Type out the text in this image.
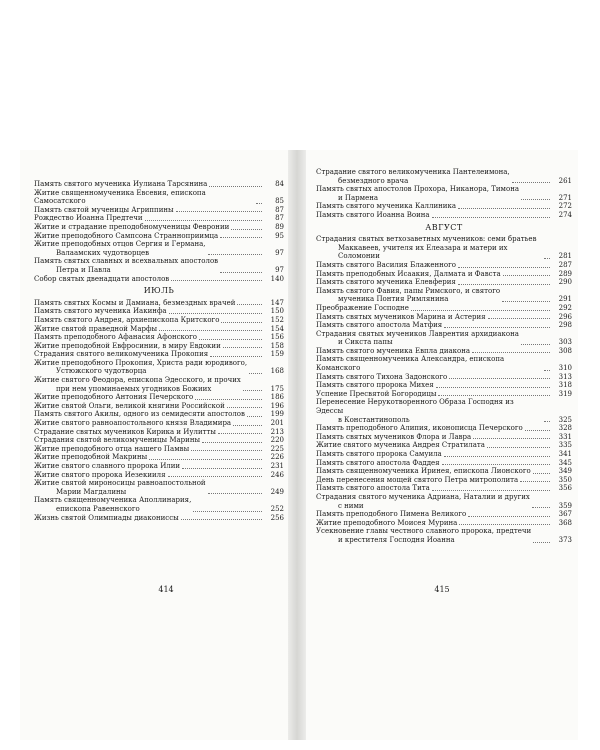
Память святого мученика Иулиана Тарсянина	84
Житие священномученика Евсевия, епископа Самосатского	85
Память святой мученицы Агриппины	87
Рождество Иоанна Предтечи	87
Житие и страдание преподобномученицы Февронии	89
Житие преподобного Сампсона Странноприимца	95
Житие преподобных отцов Сергия и Германа,
Валаамских чудотворцев	97
Память святых славных и всехвальных апостолов
Петра и Павла	97
Собор святых двенадцати апостолов	140
ИЮЛЬ
Память святых Космы и Дамиана, безмездных врачей	147
Память святого мученика Иакинфа	150
Память святого Андрея, архиепископа Критского	152
Житие святой праведной Марфы	154
Память преподобного Афанасия Афонского	156
Житие преподобной Евфросинии, в миру Евдокии	158
Страдания святого великомученика Прокопия	159
Житие преподобного Прокопия, Христа ради юродивого,
Устюжского чудотворца	168
Житие святого Феодора, епископа Эдесского, и прочих
при нем упоминаемых угодников Божиих	175
Житие преподобного Антония Печерского	186
Житие святой Ольги, великой княгини Российской	196
Память святого Акилы, одного из семидесяти апостолов	199
Житие святого равноапостольного князя Владимира	201
Страдание святых мучеников Кирика и Иулитты	213
Страдания святой великомученицы Марины	220
Житие преподобного отца нашего Памвы	225
Житие преподобной Макрины	226
Житие святого славного пророка Илии	231
Житие святого пророка Иезекииля	246
Житие святой мироносицы равноапостольной
Марии Магдалины	249
Память священномученика Аполлинария,
епископа Равеннского	252
Жизнь святой Олимпиады диакониссы	256
414
Страдание святого великомученика Пантелеимона,
безмездного врача	261
Память святых апостолов Прохора, Никанора, Тимона
и Пармена	271
Память святого мученика Каллиника	272
Память святого Иоанна Воина	274
АВГУСТ
Страдания святых ветхозаветных мучеников: семи братьев
Маккавеев, учителя их Елеазара и матери их Соломонии	281
Память святого Василия Блаженного	287
Память преподобных Исаакия, Далмата и Фавста	289
Память святого мученика Елевферия	290
Память святого Фавия, папы Римского, и святого
мученика Понтия Римлянина	291
Преображение Господне	292
Память святых мучеников Марина и Астерия	296
Память святого апостола Матфия	298
Страдания святых мучеников Лаврентия архидиакона
и Сикста папы	303
Память святого мученика Евпла диакона	308
Память священномученика Александра, епископа Команского	310
Память святого Тихона Задонского	313
Память святого пророка Михея	318
Успение Пресвятой Богородицы	319
Перенесение Нерукотворенного Образа Господня из Эдессы
в Константинополь	325
Память преподобного Алипия, иконописца Печерского	328
Память святых мучеников Флора и Лавра	331
Житие святого мученика Андрея Стратилата	335
Память святого пророка Самуила	341
Память святого апостола Фаддея	345
Память священномученика Иринея, епископа Лионского	349
День перенесения мощей святого Петра митрополита	350
Память святого апостола Тита	356
Страдания святого мученика Адриана, Наталии и других
с ними	359
Память преподобного Пимена Великого	367
Житие преподобного Моисея Мурина	368
Усекновение главы честного славного пророка, предтечи
и крестителя Господня Иоанна	373
415
